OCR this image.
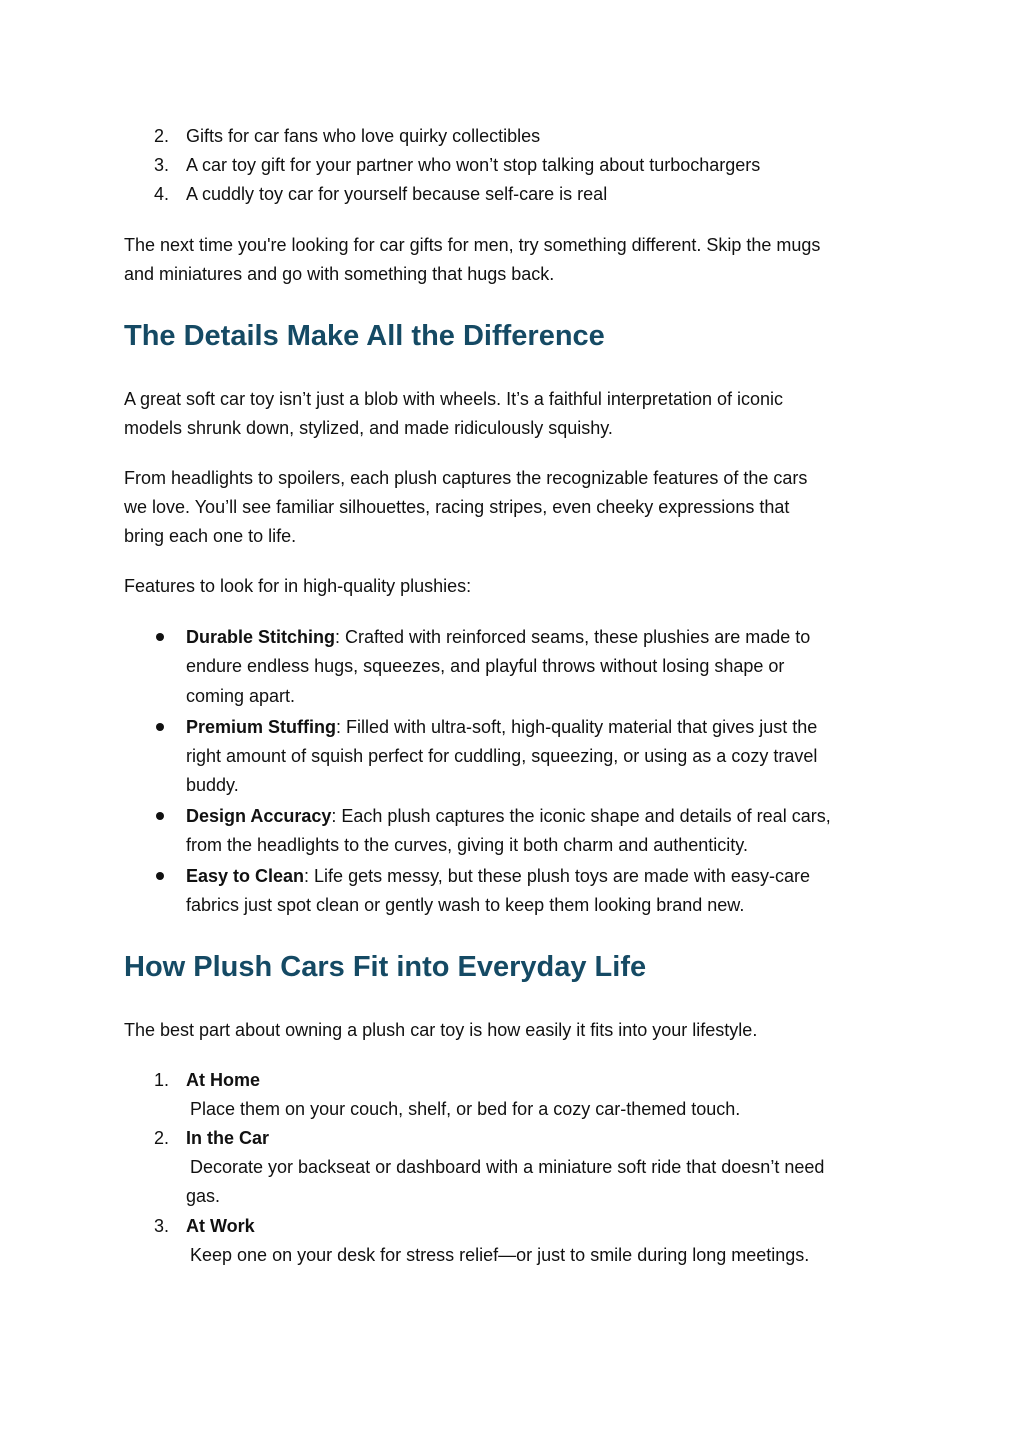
2. Gifts for car fans who love quirky collectibles
3. A car toy gift for your partner who won’t stop talking about turbochargers
4. A cuddly toy car for yourself because self-care is real
The next time you're looking for car gifts for men, try something different. Skip the mugs
and miniatures and go with something that hugs back.
The Details Make All the Difference
A great soft car toy isn’t just a blob with wheels. It’s a faithful interpretation of iconic
models shrunk down, stylized, and made ridiculously squishy.
From headlights to spoilers, each plush captures the recognizable features of the cars
we love. You’ll see familiar silhouettes, racing stripes, even cheeky expressions that
bring each one to life.
Features to look for in high-quality plushies:
Durable Stitching: Crafted with reinforced seams, these plushies are made to
endure endless hugs, squeezes, and playful throws without losing shape or
coming apart.
Premium Stuffing: Filled with ultra-soft, high-quality material that gives just the
right amount of squish perfect for cuddling, squeezing, or using as a cozy travel
buddy.
Design Accuracy: Each plush captures the iconic shape and details of real cars,
from the headlights to the curves, giving it both charm and authenticity.
Easy to Clean: Life gets messy, but these plush toys are made with easy-care
fabrics just spot clean or gently wash to keep them looking brand new.
How Plush Cars Fit into Everyday Life
The best part about owning a plush car toy is how easily it fits into your lifestyle.
1. At Home
Place them on your couch, shelf, or bed for a cozy car-themed touch.
2. In the Car
Decorate yor backseat or dashboard with a miniature soft ride that doesn’t need
gas.
3. At Work
Keep one on your desk for stress relief—or just to smile during long meetings.
